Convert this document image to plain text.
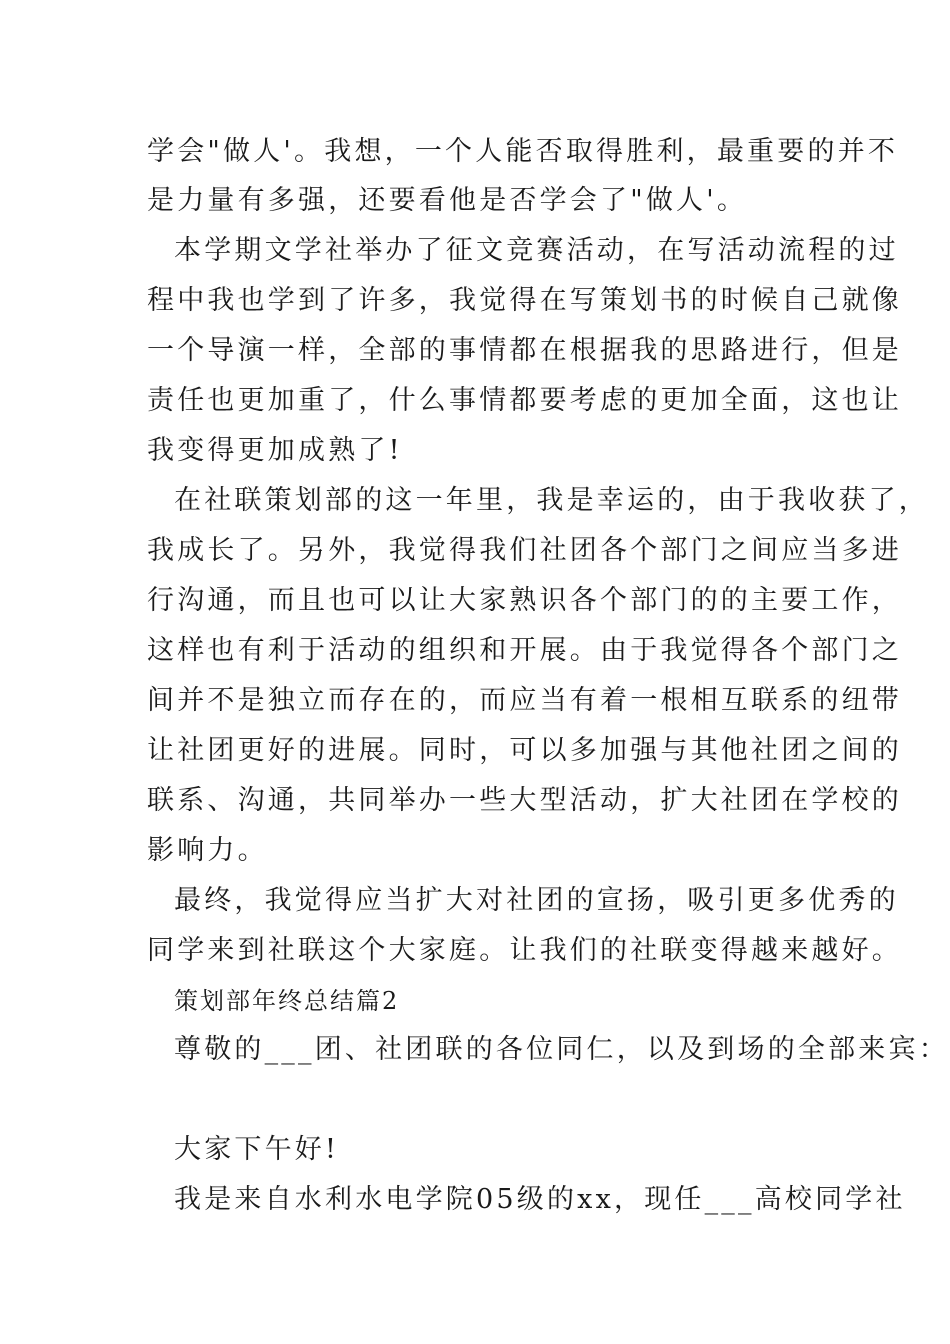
学会"做人'。我想，一个人能否取得胜利，最重要的并不
是力量有多强，还要看他是否学会了"做人'。
本学期文学社举办了征文竞赛活动，在写活动流程的过
程中我也学到了许多，我觉得在写策划书的时候自己就像
一个导演一样，全部的事情都在根据我的思路进行，但是
责任也更加重了，什么事情都要考虑的更加全面，这也让
我变得更加成熟了!
在社联策划部的这一年里，我是幸运的，由于我收获了，
我成长了。另外，我觉得我们社团各个部门之间应当多进
行沟通，而且也可以让大家熟识各个部门的的主要工作，
这样也有利于活动的组织和开展。由于我觉得各个部门之
间并不是独立而存在的，而应当有着一根相互联系的纽带
让社团更好的进展。同时，可以多加强与其他社团之间的
联系、沟通，共同举办一些大型活动，扩大社团在学校的
影响力。
最终，我觉得应当扩大对社团的宣扬，吸引更多优秀的
同学来到社联这个大家庭。让我们的社联变得越来越好。
策划部年终总结篇2
尊敬的___团、社团联的各位同仁，以及到场的全部来宾：
大家下午好!
我是来自水利水电学院05级的xx，现任___高校同学社
